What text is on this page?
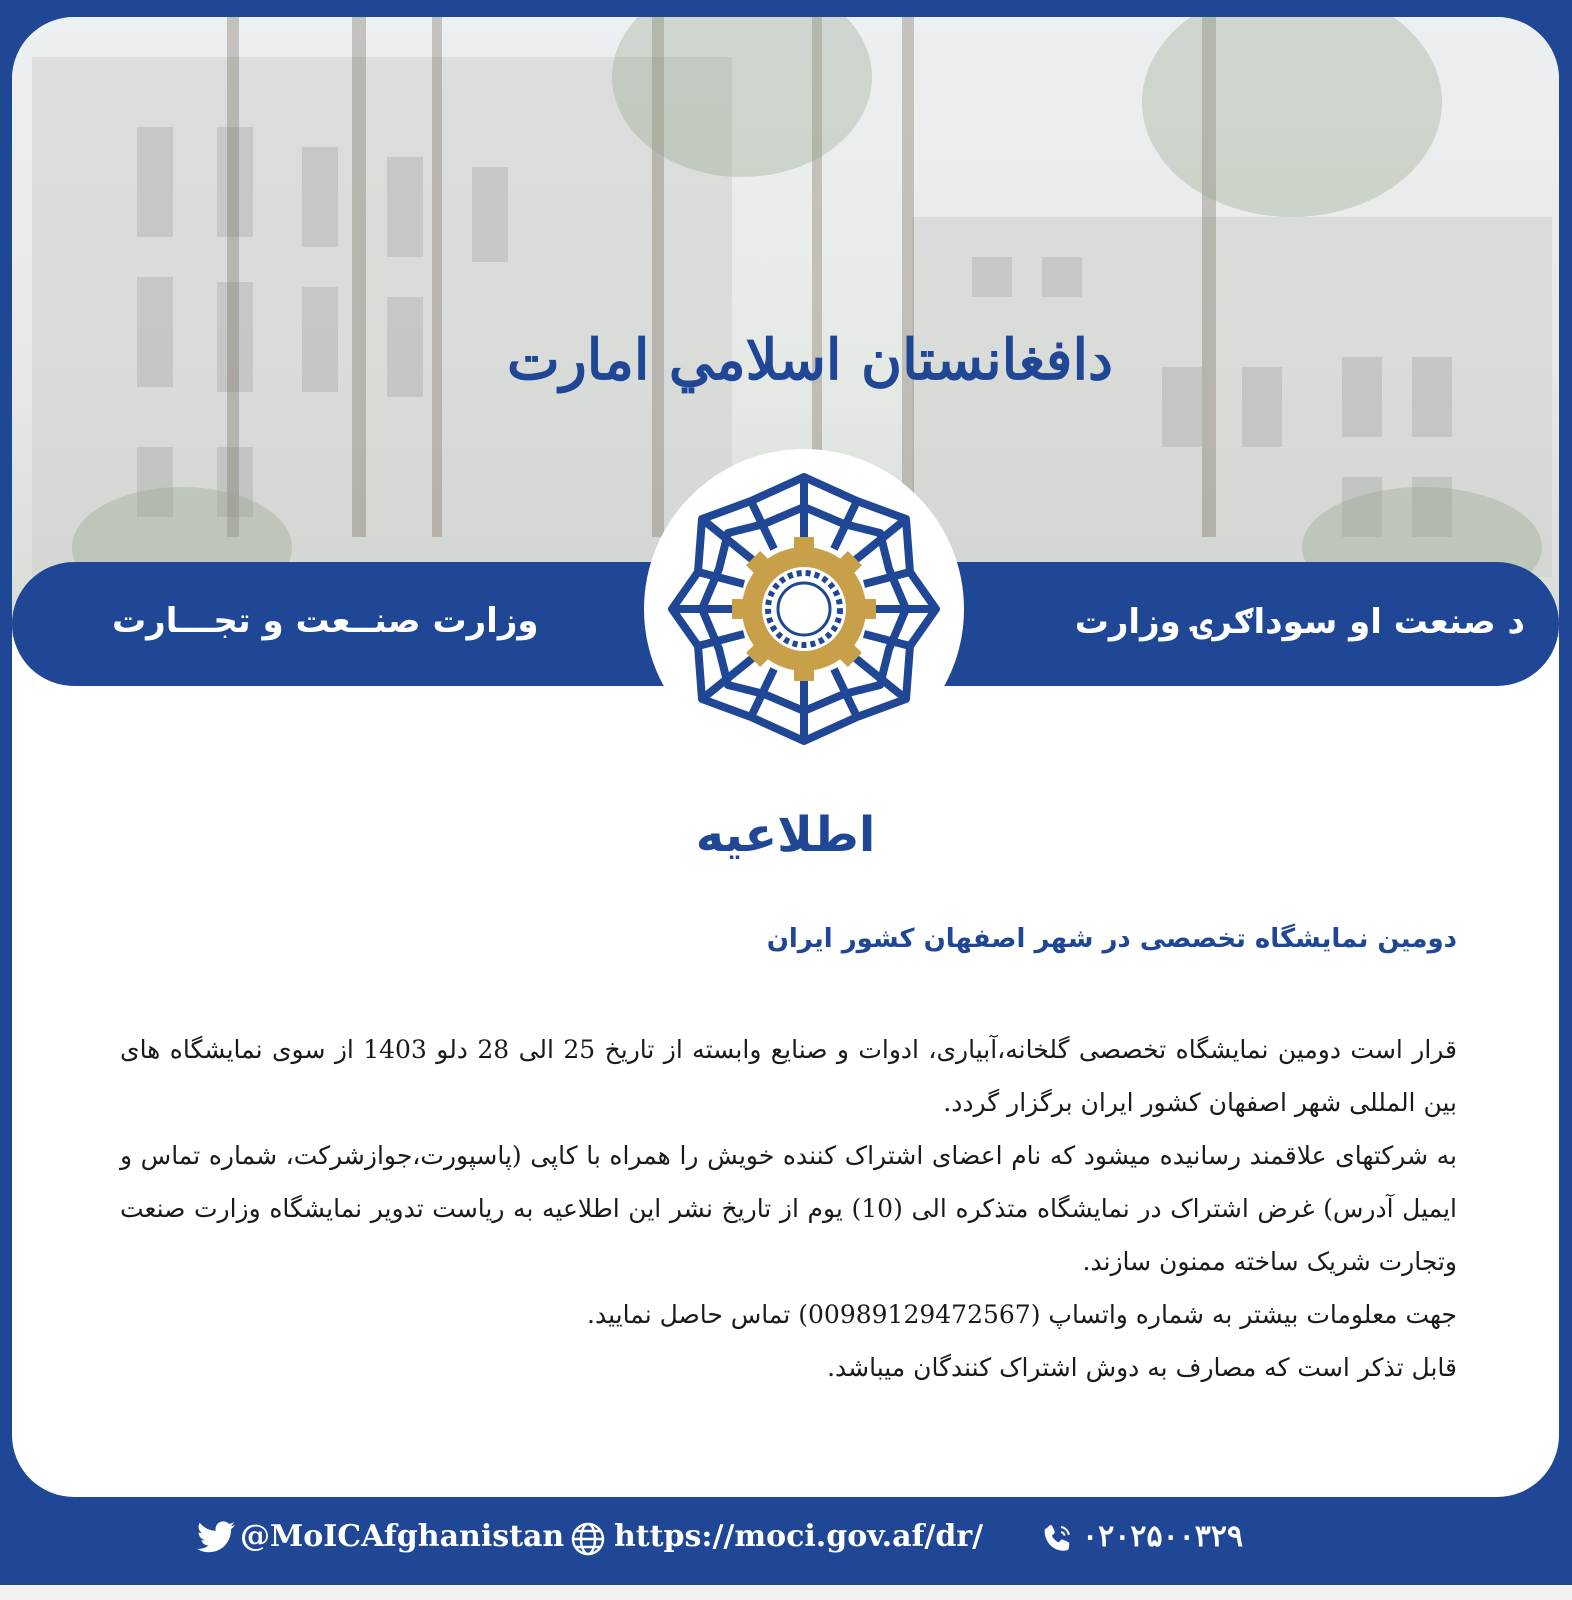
دافغانستان اسلامي امارت
د صنعت او سوداګرۍ وزارت
وزارت صنــعت و تجـــارت
اطلاعیه
دومین نمایشگاه تخصصی در شهر اصفهان کشور ایران

قرار است دومین نمایشگاه تخصصی گلخانه،آبیاری، ادوات و صنایع وابسته از تاریخ 25 الی 28 دلو 1403 از سوی نمایشگاه های بین المللی شهر اصفهان کشور ایران برگزار گردد.

به شرکتهای علاقمند رسانیده میشود که نام اعضای اشتراک کننده خویش را همراه با کاپی (پاسپورت،جوازشرکت، شماره تماس و ایمیل آدرس) غرض اشتراک در نمایشگاه متذکره الی (10) یوم از تاریخ نشر این اطلاعیه به ریاست تدویر نمایشگاه وزارت صنعت وتجارت شریک ساخته ممنون سازند.

جهت معلومات بیشتر به شماره واتساپ (00989129472567) تماس حاصل نمایید.

قابل تذکر است که مصارف به دوش اشتراک کنندگان میباشد.

@MoICAfghanistan https://moci.gov.af/dr/	۰۲۰۲۵۰۰۳۲۹
